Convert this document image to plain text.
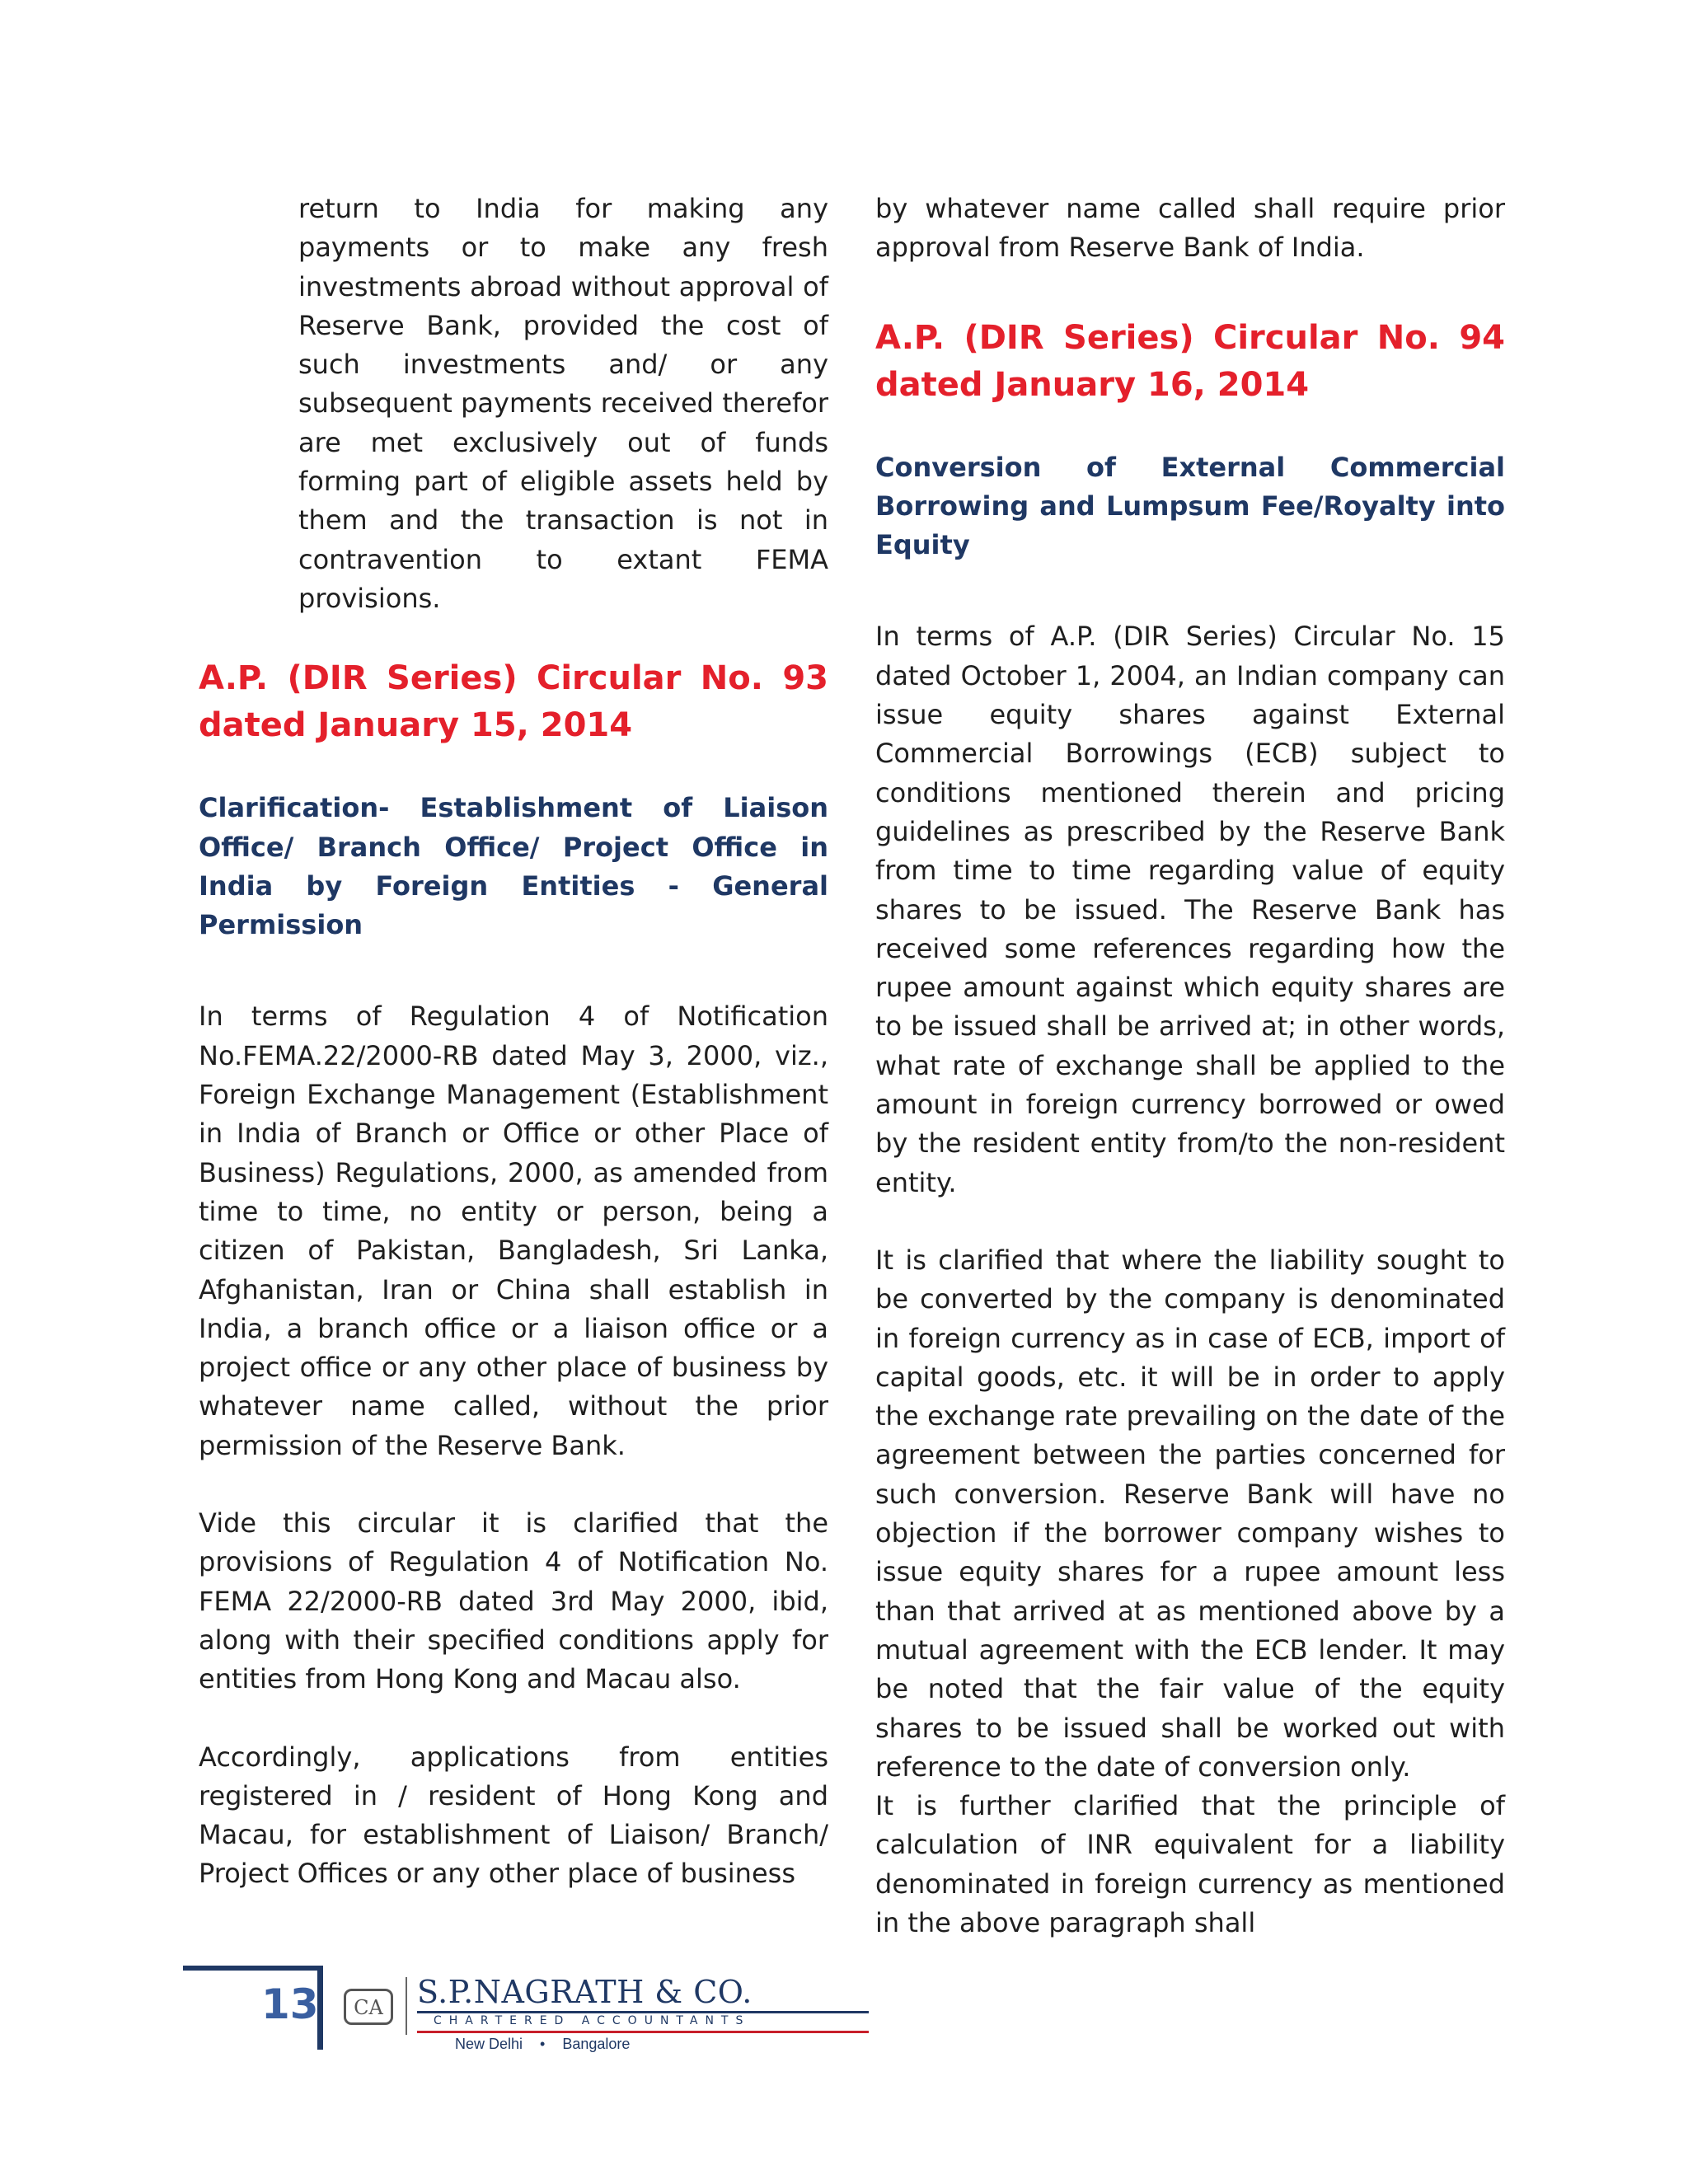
return to India for making any payments or to make any fresh investments abroad without approval of Reserve Bank, provided the cost of such investments and/ or any subsequent payments received therefor are met exclusively out of funds forming part of eligible assets held by them and the transaction is not in contravention to extant FEMA provisions.

A.P. (DIR Series) Circular No. 93 dated January 15, 2014
Clarification- Establishment of Liaison Office/ Branch Office/ Project Office in India by Foreign Entities - General Permission

In terms of Regulation 4 of Notification No.FEMA.22/2000-RB dated May 3, 2000, viz., Foreign Exchange Management (Establishment in India of Branch or Office or other Place of Business) Regulations, 2000, as amended from time to time, no entity or person, being a citizen of Pakistan, Bangladesh, Sri Lanka, Afghanistan, Iran or China shall establish in India, a branch office or a liaison office or a project office or any other place of business by whatever name called, without the prior permission of the Reserve Bank.

Vide this circular it is clarified that the provisions of Regulation 4 of Notification No. FEMA 22/2000-RB dated 3rd May 2000, ibid, along with their specified conditions apply for entities from Hong Kong and Macau also.

Accordingly, applications from entities registered in / resident of Hong Kong and Macau, for establishment of Liaison/ Branch/ Project Offices or any other place of business

by whatever name called shall require prior approval from Reserve Bank of India.

A.P. (DIR Series) Circular No. 94 dated January 16, 2014
Conversion of External Commercial Borrowing and Lumpsum Fee/Royalty into Equity

In terms of A.P. (DIR Series) Circular No. 15 dated October 1, 2004, an Indian company can issue equity shares against External Commercial Borrowings (ECB) subject to conditions mentioned therein and pricing guidelines as prescribed by the Reserve Bank from time to time regarding value of equity shares to be issued. The Reserve Bank has received some references regarding how the rupee amount against which equity shares are to be issued shall be arrived at; in other words, what rate of exchange shall be applied to the amount in foreign currency borrowed or owed by the resident entity from/to the non-resident entity.

It is clarified that where the liability sought to be converted by the company is denominated in foreign currency as in case of ECB, import of capital goods, etc. it will be in order to apply the exchange rate prevailing on the date of the agreement between the parties concerned for such conversion. Reserve Bank will have no objection if the borrower company wishes to issue equity shares for a rupee amount less than that arrived at as mentioned above by a mutual agreement with the ECB lender. It may be noted that the fair value of the equity shares to be issued shall be worked out with reference to the date of conversion only.

It is further clarified that the principle of calculation of INR equivalent for a liability denominated in foreign currency as mentioned in the above paragraph shall

13 CA S.P.NAGRATH & CO.
CHARTERED ACCOUNTANTS
New Delhi • Bangalore
